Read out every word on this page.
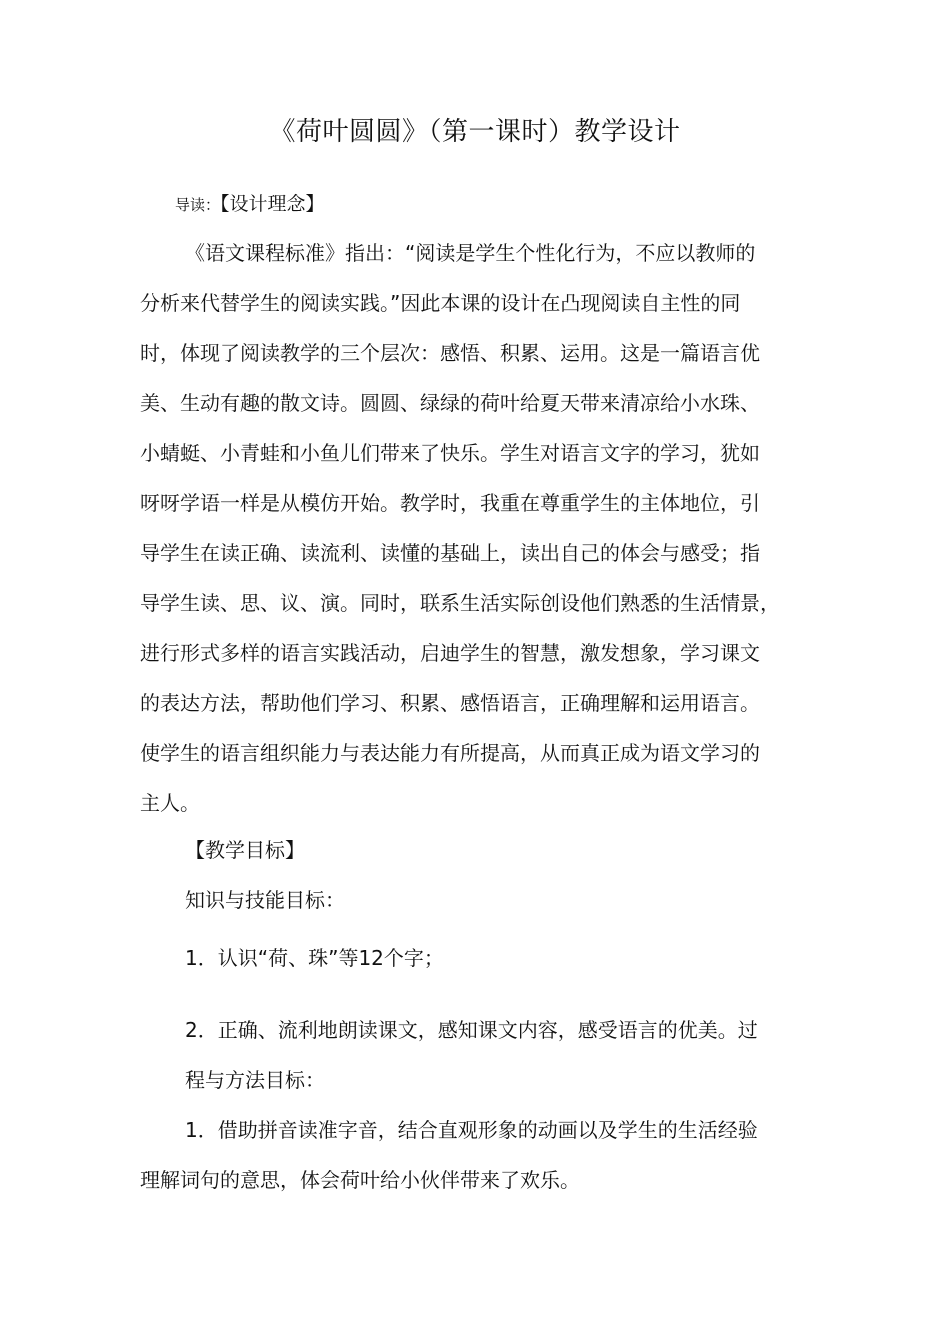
《荷叶圆圆》（第一课时）教学设计
导读：【设计理念】
《语文课程标准》指出：“阅读是学生个性化行为，不应以教师的
分析来代替学生的阅读实践。”因此本课的设计在凸现阅读自主性的同
时，体现了阅读教学的三个层次：感悟、积累、运用。这是一篇语言优
美、生动有趣的散文诗。圆圆、绿绿的荷叶给夏天带来清凉给小水珠、
小蜻蜓、小青蛙和小鱼儿们带来了快乐。学生对语言文字的学习，犹如
呀呀学语一样是从模仿开始。教学时，我重在尊重学生的主体地位，引
导学生在读正确、读流利、读懂的基础上，读出自己的体会与感受；指
导学生读、思、议、演。同时，联系生活实际创设他们熟悉的生活情景，
进行形式多样的语言实践活动，启迪学生的智慧，激发想象，学习课文
的表达方法，帮助他们学习、积累、感悟语言，正确理解和运用语言。
使学生的语言组织能力与表达能力有所提高，从而真正成为语文学习的
主人。
【教学目标】
知识与技能目标：
1．认识“荷、珠”等12个字；
2．正确、流利地朗读课文，感知课文内容，感受语言的优美。过
程与方法目标：
1．借助拼音读准字音，结合直观形象的动画以及学生的生活经验
理解词句的意思，体会荷叶给小伙伴带来了欢乐。
